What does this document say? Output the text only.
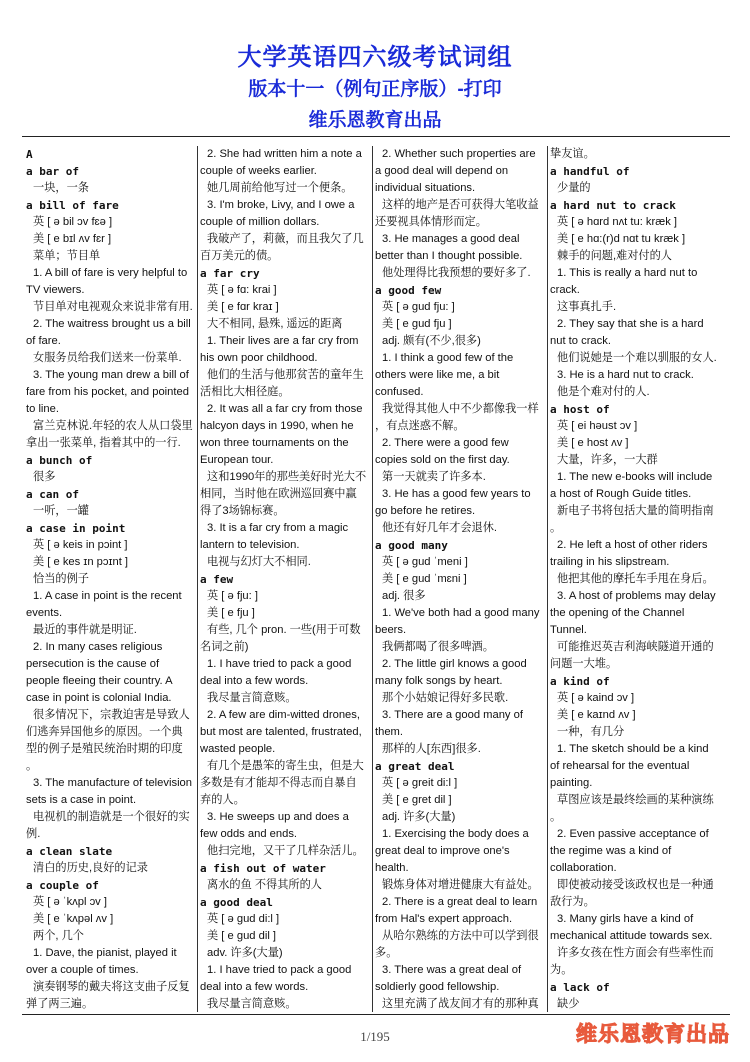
大学英语四六级考试词组
版本十一（例句正序版）-打印
维乐恩教育出品
A
a bar of
一块，一条
a bill of fare
英 [ ə bil ɔv fɛə ]
美 [ e bɪl ʌv fɛr ]
菜单；节目单
1. A bill of fare is very helpful to
TV viewers.
节目单对电视观众来说非常有用.
2. The waitress brought us a bill
of fare.
女服务员给我们送来一份菜单.
3. The young man drew a bill of
fare from his pocket, and pointed
to line.
富兰克林说.年轻的农人从口袋里
拿出一张菜单, 指着其中的一行.
a bunch of
很多
a can of
一听，一罐
a case in point
英 [ ə keis in pɔint ]
美 [ e kes ɪn pɔɪnt ]
恰当的例子
1. A case in point is the recent
events.
最近的事件就是明证.
2. In many cases religious
persecution is the cause of
people fleeing their country. A
case in point is colonial India.
很多情况下，宗教迫害是导致人
们逃奔异国他乡的原因。一个典
型的例子是殖民统治时期的印度
。
3. The manufacture of television
sets is a case in point.
电视机的制造就是一个很好的实
例.
a clean slate
清白的历史,良好的记录
a couple of
英 [ ə ˈkʌpl ɔv ]
美 [ e ˈkʌpəl ʌv ]
两个, 几个
1. Dave, the pianist, played it
over a couple of times.
演奏钢琴的戴夫将这支曲子反复
弹了两三遍。
2. She had written him a note a
couple of weeks earlier.
她几周前给他写过一个便条。
3. I'm broke, Livy, and I owe a
couple of million dollars.
我破产了，莉薇，而且我欠了几
百万美元的债。
a far cry
英 [ ə fɑ: krai ]
美 [ e fɑr kraɪ ]
大不相同, 悬殊, 遥远的距离
1. Their lives are a far cry from
his own poor childhood.
他们的生活与他那贫苦的童年生
活相比大相径庭。
2. It was all a far cry from those
halcyon days in 1990, when he
won three tournaments on the
European tour.
这和1990年的那些美好时光大不
相同，当时他在欧洲巡回赛中赢
得了3场锦标赛。
3. It is a far cry from a magic
lantern to television.
电视与幻灯大不相同.
a few
英 [ ə fju: ]
美 [ e fju ]
有些, 几个 pron. 一些(用于可数
名词之前)
1. I have tried to pack a good
deal into a few words.
我尽量言简意赅。
2. A few are dim-witted drones,
but most are talented, frustrated,
wasted people.
有几个是愚笨的寄生虫，但是大
多数是有才能却不得志而自暴自
弃的人。
3. He sweeps up and does a
few odds and ends.
他扫完地，又干了几样杂活儿。
a fish out of water
离水的鱼 不得其所的人
a good deal
英 [ ə gud di:l ]
美 [ e gud dil ]
adv. 许多(大量)
1. I have tried to pack a good
deal into a few words.
我尽量言简意赅。
2. Whether such properties are
a good deal will depend on
individual situations.
这样的地产是否可获得大笔收益
还要视具体情形而定。
3. He manages a good deal
better than I thought possible.
他处理得比我预想的要好多了.
a good few
英 [ ə gud fju: ]
美 [ e gud fju ]
adj. 颇有(不少,很多)
1. I think a good few of the
others were like me, a bit
confused.
我觉得其他人中不少都像我一样
，有点迷惑不解。
2. There were a good few
copies sold on the first day.
第一天就卖了许多本.
3. He has a good few years to
go before he retires.
他还有好几年才会退休.
a good many
英 [ ə gud ˈmeni ]
美 [ e gud ˈmɛni ]
adj. 很多
1. We've both had a good many
beers.
我俩都喝了很多啤酒。
2. The little girl knows a good
many folk songs by heart.
那个小姑娘记得好多民歌.
3. There are a good many of
them.
那样的人[东西]很多.
a great deal
英 [ ə greit di:l ]
美 [ e gret dil ]
adj. 许多(大量)
1. Exercising the body does a
great deal to improve one's
health.
锻炼身体对增进健康大有益处。
2. There is a great deal to learn
from Hal's expert approach.
从哈尔熟练的方法中可以学到很
多。
3. There was a great deal of
soldierly good fellowship.
这里充满了战友间才有的那种真
挚友谊。
a handful of
少量的
a hard nut to crack
英 [ ə hɑrd nʌt tu: kræk ]
美 [ e hɑ:(r)d nɑt tu kræk ]
棘手的问题,难对付的人
1. This is really a hard nut to
crack.
这事真扎手.
2. They say that she is a hard
nut to crack.
他们说她是一个难以驯服的女人.
3. He is a hard nut to crack.
他是个难对付的人.
a host of
英 [ ei həust ɔv ]
美 [ e host ʌv ]
大量，许多，一大群
1. The new e-books will include
a host of Rough Guide titles.
新电子书将包括大量的简明指南
。
2. He left a host of other riders
trailing in his slipstream.
他把其他的摩托车手甩在身后。
3. A host of problems may delay
the opening of the Channel
Tunnel.
可能推迟英吉利海峡隧道开通的
问题一大堆。
a kind of
英 [ ə kaind ɔv ]
美 [ e kaɪnd ʌv ]
一种，有几分
1. The sketch should be a kind
of rehearsal for the eventual
painting.
草图应该是最终绘画的某种演练
。
2. Even passive acceptance of
the regime was a kind of
collaboration.
即使被动接受该政权也是一种通
敌行为。
3. Many girls have a kind of
mechanical attitude towards sex.
许多女孩在性方面会有些率性而
为。
a lack of
缺少
1/195	维乐恩教育出品
